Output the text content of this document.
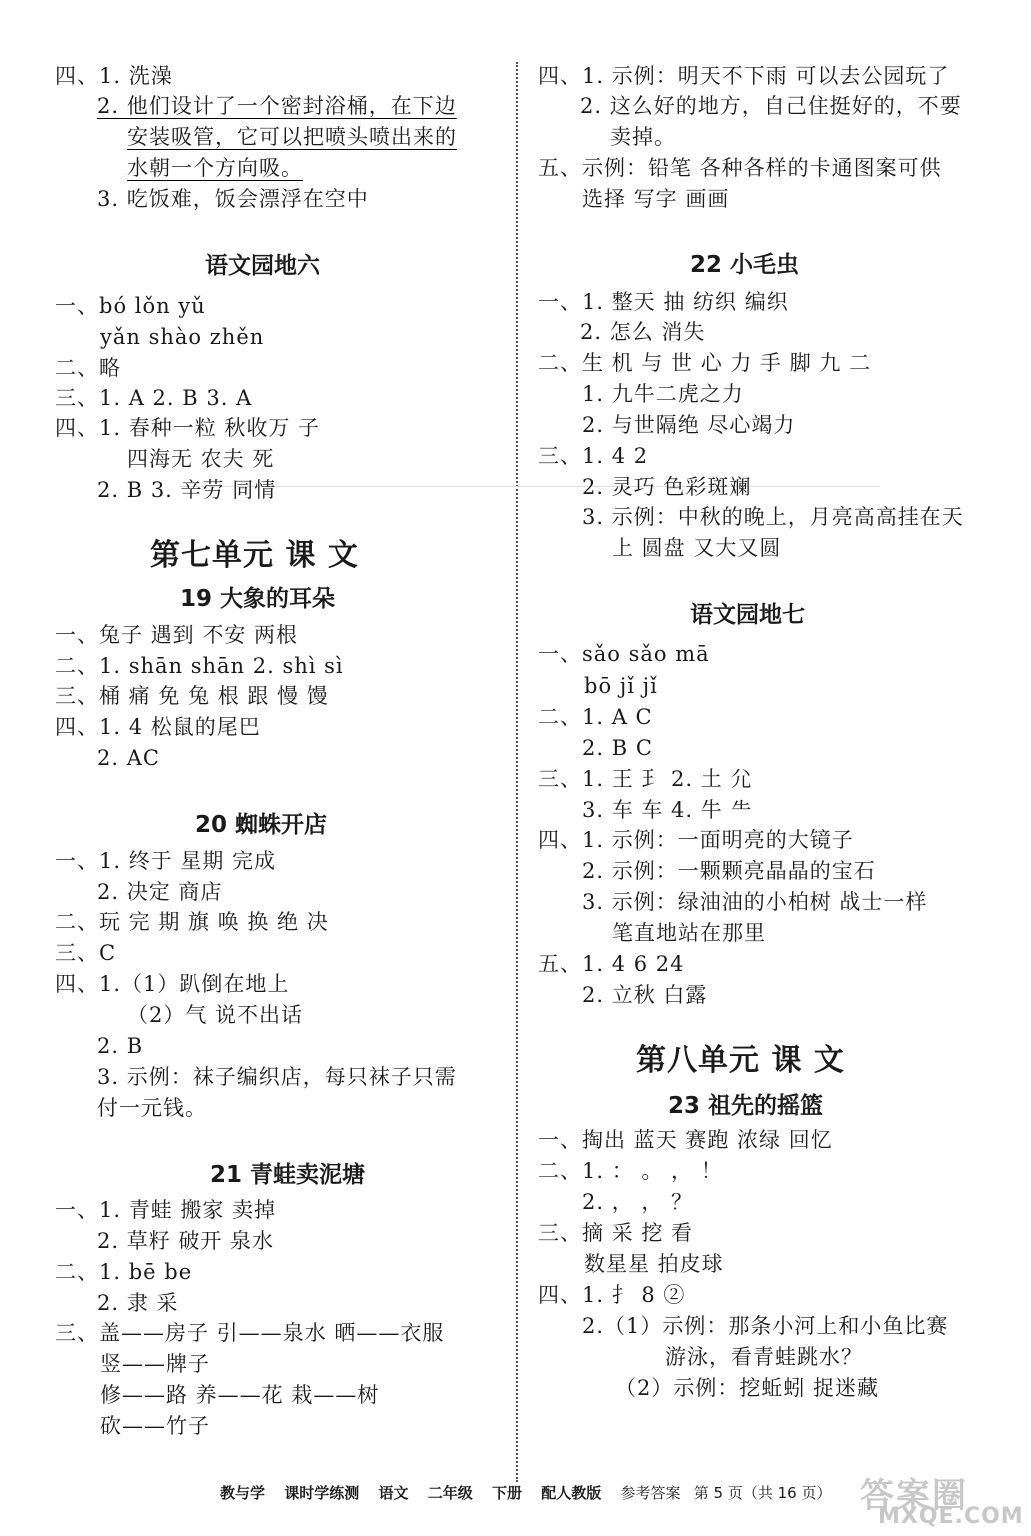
四、1. 洗澡
2. 他们设计了一个密封浴桶，在下边
安装吸管，它可以把喷头喷出来的
水朝一个方向吸。
3. 吃饭难，饭会漂浮在空中
语文园地六
一、bó lǒn yǔ
yǎn shào zhěn
二、略
三、1. A 2. B 3. A
四、1. 春种一粒 秋收万 子
四海无 农夫 死
2. B 3. 辛劳 同情
第七单元 课 文
19 大象的耳朵
一、兔子 遇到 不安 两根
二、1. shān shān 2. shì sì
三、桶 痛 免 兔 根 跟 慢 馒
四、1. 4 松鼠的尾巴
2. AC
20 蜘蛛开店
一、1. 终于 星期 完成
2. 决定 商店
二、玩 完 期 旗 唤 换 绝 决
三、C
四、1.（1）趴倒在地上
（2）气 说不出话
2. B
3. 示例：袜子编织店，每只袜子只需
付一元钱。
21 青蛙卖泥塘
一、1. 青蛙 搬家 卖掉
2. 草籽 破开 泉水
二、1. bē be
2. 隶 采
三、盖——房子 引——泉水 晒——衣服
竖——牌子
修——路 养——花 栽——树
砍——竹子
四、1. 示例：明天不下雨 可以去公园玩了
2. 这么好的地方，自己住挺好的，不要
卖掉。
五、示例：铅笔 各种各样的卡通图案可供
选择 写字 画画
22 小毛虫
一、1. 整天 抽 纺织 编织
2. 怎么 消失
二、生 机 与 世 心 力 手 脚 九 二
1. 九牛二虎之力
2. 与世隔绝 尽心竭力
三、1. 4 2
2. 灵巧 色彩斑斓
3. 示例：中秋的晚上，月亮高高挂在天
上 圆盘 又大又圆
语文园地七
一、sǎo sǎo mā
bō jǐ jǐ
二、1. A C
2. B C
三、1. 王 ⺩ 2. 土 ⺏
3. 车 ⻋ 4. 牛 ⺧
四、1. 示例：一面明亮的大镜子
2. 示例：一颗颗亮晶晶的宝石
3. 示例：绿油油的小柏树 战士一样
笔直地站在那里
五、1. 4 6 24
2. 立秋 白露
第八单元 课 文
23 祖先的摇篮
一、掏出 蓝天 赛跑 浓绿 回忆
二、1. ： 。 ， ！
2. ， ， ？
三、摘 采 挖 看
数星星 拍皮球
四、1. 扌 8 ②
2.（1）示例：那条小河上和小鱼比赛
游泳，看青蛙跳水？
（2）示例：挖蚯蚓 捉迷藏
教与学 课时学练测 语文 二年级 下册 配人教版 参考答案 第 5 页（共 16 页） 答案圈
MXQE.COM
